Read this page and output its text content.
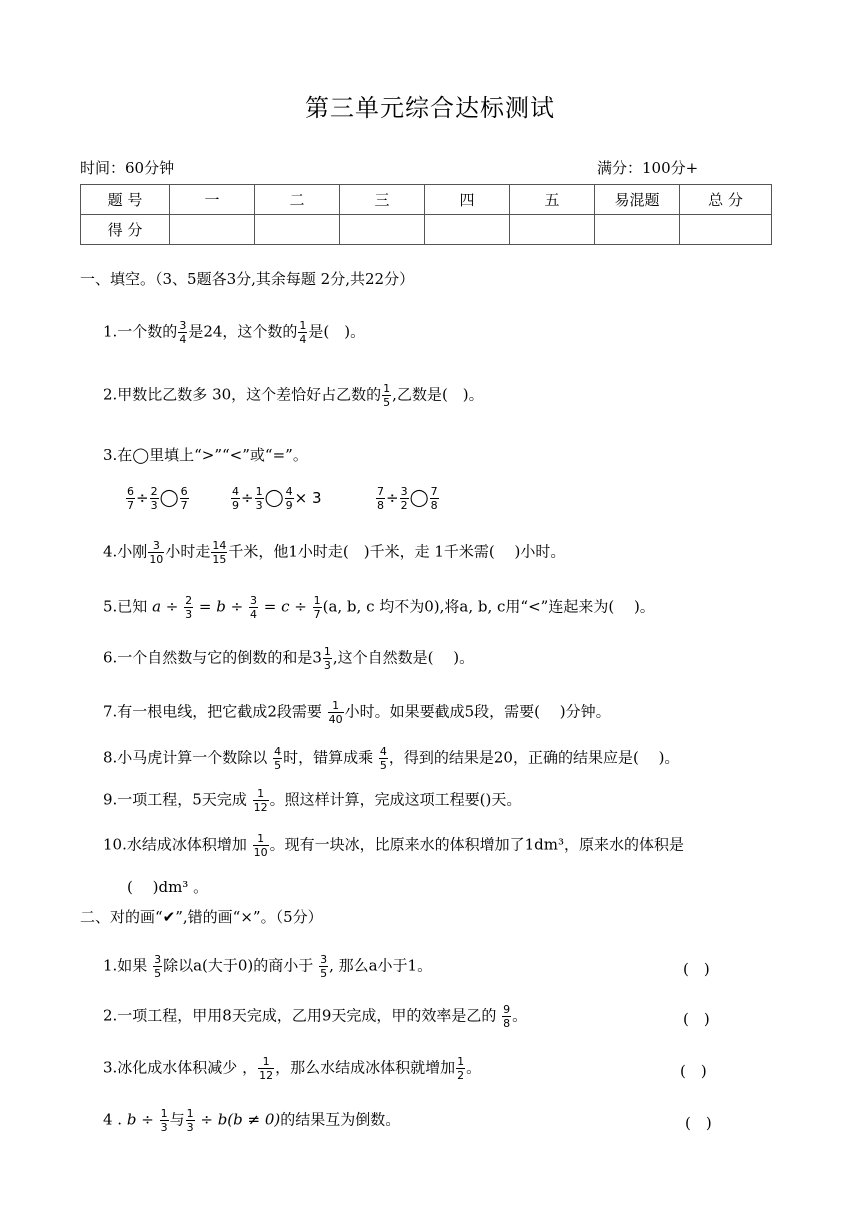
第三单元综合达标测试
时间：60分钟	满分：100分+
题 号	一	二	三	四	五	易混题	总 分
得 分							
一、填空。（3、5题各3分,其余每题 2分,共22分）
1.一个数的 $\frac{3}{4}$ 是24，这个数的 $\frac{1}{4}$ 是(　)。
2.甲数比乙数多 30，这个差恰好占乙数的 $\frac{1}{5}$ ,乙数是(　)。
3.在◯里填上“>”“<”或“=”。
$\frac{6}{7} \div \frac{2}{3}$ ◯ $\frac{6}{7}$	$\frac{4}{9} \div \frac{1}{3}$ ◯ $\frac{4}{9} \times 3$	$\frac{7}{8} \div \frac{3}{2}$ ◯ $\frac{7}{8}$
4.小刚 $\frac{3}{10}$ 小时走 $\frac{14}{15}$ 千米，他1小时走(　)千米，走 1千米需(　 )小时。
5.已知 $a \div \frac{2}{3} = b \div \frac{3}{4} = c \div \frac{1}{7} (a$, b, c 均不为0),将a, b, c用“<”连起来为(　 )。
6.一个自然数与它的倒数的和是$3 \frac{1}{3}$ ,这个自然数是(　 )。
7.有一根电线，把它截成2段需要 $\frac{1}{40}$ 小时。如果要截成5段，需要(　 )分钟。
8.小马虎计算一个数除以 $\frac{4}{5}$ 时，错算成乘 $\frac{4}{5}$ ，得到的结果是20，正确的结果应是(　 )。
9.一项工程，5天完成 $\frac{1}{12}$ 。照这样计算，完成这项工程要()天。
10.水结成冰体积增加 $\frac{1}{10}$ 。现有一块冰，比原来水的体积增加了1dm³，原来水的体积是
(　 )dm³ 。
二、对的画“✔”,错的画“×”。（5分）
1.如果 $\frac{3}{5}$ 除以a(大于0)的商小于 $\frac{3}{5}$ , 那么a小于1。	(　)
2.一项工程，甲用8天完成，乙用9天完成，甲的效率是乙的 $\frac{9}{8}$ 。	(　)
3.冰化成水体积减少 ， $\frac{1}{12}$ ，那么水结成冰体积就增加 $\frac{1}{2}$ 。	(　)
4 . $b \div \frac{1}{3}$ 与 $\frac{1}{3} \div b(b \ne 0)$的结果互为倒数。	(　)
